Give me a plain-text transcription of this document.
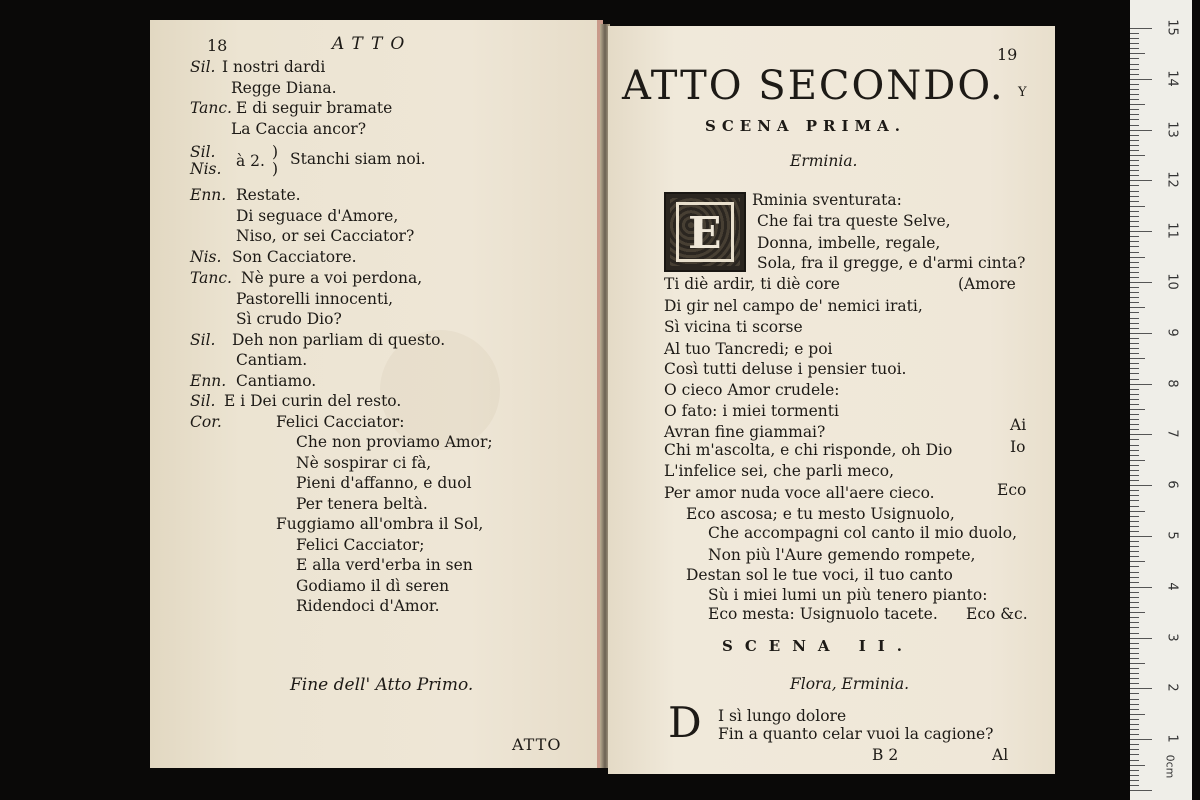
18	ATTO
Sil. I nostri dardi
Regge Diana.
Tanc. E di seguir bramate
La Caccia ancor?
Sil.	)
Nis.	)
à 2. Stanchi siam noi.
Enn. Restate.
Di seguace d'Amore,
Niso, or sei Cacciator?
Nis. Son Cacciatore.
Tanc. Nè pure a voi perdona,
Pastorelli innocenti,
Sì crudo Dio?
Sil. Deh non parliam di questo.
Cantiam.
Enn. Cantiamo.
Sil. E i Dei curin del resto.
Cor.	Felici Cacciator:
Che non proviamo Amor;
Nè sospirar ci fà,
Pieni d'affanno, e duol
Per tenera beltà.
Fuggiamo all'ombra il Sol,
Felici Cacciator;
E alla verd'erba in sen
Godiamo il dì seren
Ridendoci d'Amor.
Fine dell' Atto Primo.
ATTO
19
ATTO SECONDO. Y
SCENA PRIMA.
Erminia.
E
Rminia sventurata:
Che fai tra queste Selve,
Donna, imbelle, regale,
Sola, fra il gregge, e d'armi cinta?
Ti diè ardir, ti diè core	(Amore
Di gir nel campo de' nemici irati,
Sì vicina ti scorse
Al tuo Tancredi; e poi
Così tutti deluse i pensier tuoi.
O cieco Amor crudele:
O fato: i miei tormenti
Avran fine giammai?	Ai
Chi m'ascolta, e chi risponde, oh Dio	Io
L'infelice sei, che parli meco,
Per amor nuda voce all'aere cieco.	Eco
Eco ascosa; e tu mesto Usignuolo,
Che accompagni col canto il mio duolo,
Non più l'Aure gemendo rompete,
Destan sol le tue voci, il tuo canto
Sù i miei lumi un più tenero pianto:
Eco mesta: Usignuolo tacete. Eco &c.
SCENA II.
Flora, Erminia.
D I sì lungo dolore
Fin a quanto celar vuoi la cagione?
B 2	Al
15
14
13
12
11
10
9
8
7
6
5
4
3
2
1
0cm
